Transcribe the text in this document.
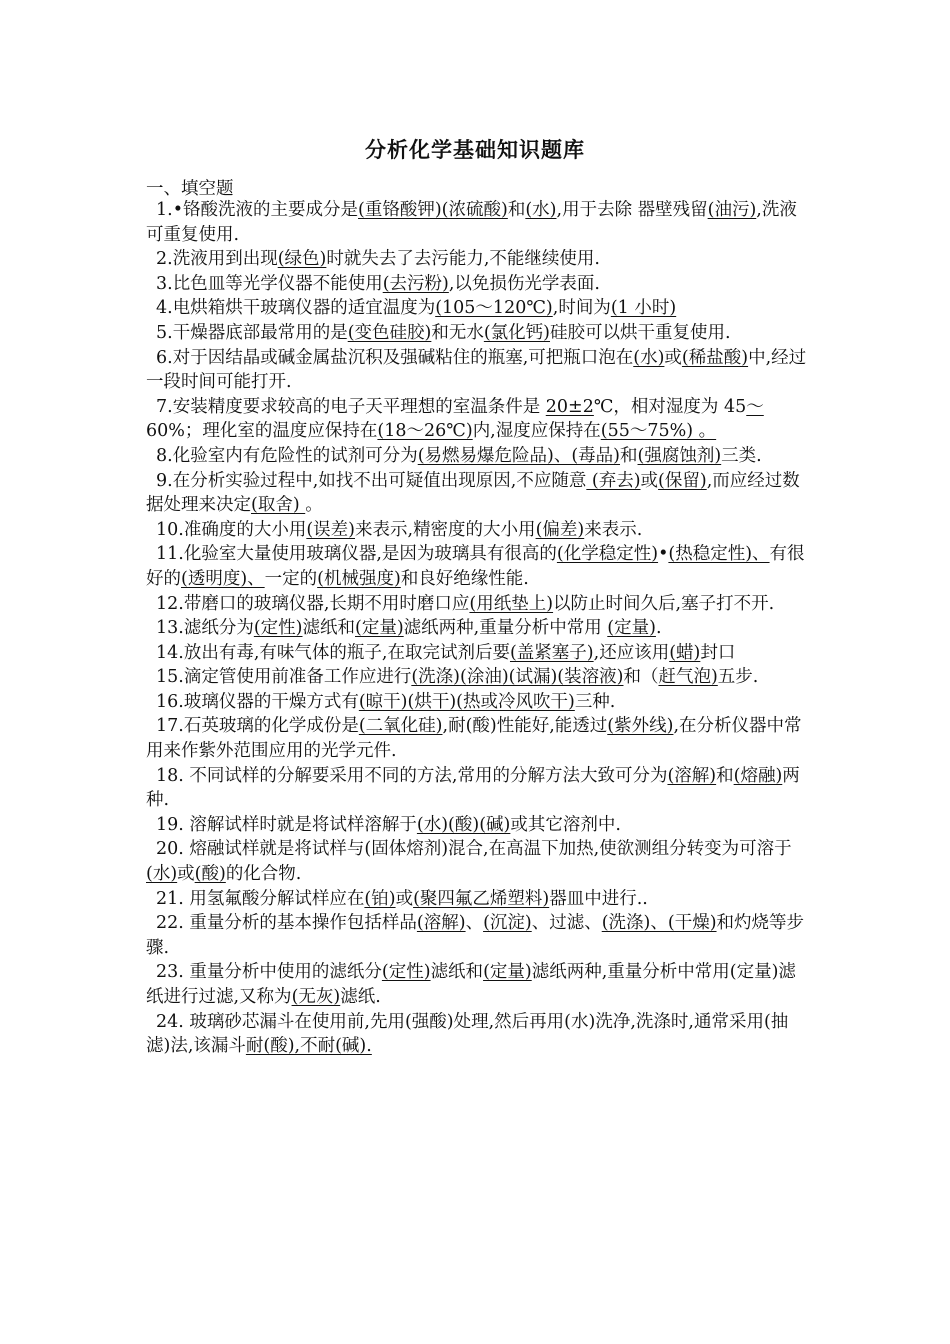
分析化学基础知识题库
一、填空题

1.•铬酸洗液的主要成分是(重铬酸钾)(浓硫酸)和(水),用于去除 器壁残留(油污),洗液可重复使用.

2.洗液用到出现(绿色)时就失去了去污能力,不能继续使用.

3.比色皿等光学仪器不能使用(去污粉),以免损伤光学表面.

4.电烘箱烘干玻璃仪器的适宜温度为(105～120℃),时间为(1 小时)

5.干燥器底部最常用的是(变色硅胶)和无水(氯化钙)硅胶可以烘干重复使用.

6.对于因结晶或碱金属盐沉积及强碱粘住的瓶塞,可把瓶口泡在(水)或(稀盐酸)中,经过一段时间可能打开.

7.安装精度要求较高的电子天平理想的室温条件是 20±2℃，相对湿度为 45～60%；理化室的温度应保持在(18～26℃)内,湿度应保持在(55～75%) 。

8.化验室内有危险性的试剂可分为(易燃易爆危险品)、(毒品)和(强腐蚀剂)三类.

9.在分析实验过程中,如找不出可疑值出现原因,不应随意 (弃去)或(保留),而应经过数据处理来决定(取舍) 。

10.准确度的大小用(误差)来表示,精密度的大小用(偏差)来表示.

11.化验室大量使用玻璃仪器,是因为玻璃具有很高的(化学稳定性)•(热稳定性)、有很好的(透明度)、一定的(机械强度)和良好绝缘性能.

12.带磨口的玻璃仪器,长期不用时磨口应(用纸垫上)以防止时间久后,塞子打不开.

13.滤纸分为(定性)滤纸和(定量)滤纸两种,重量分析中常用 (定量).

14.放出有毒,有味气体的瓶子,在取完试剂后要(盖紧塞子),还应该用(蜡)封口

15.滴定管使用前准备工作应进行(洗涤)(涂油)(试漏)(装溶液)和（赶气泡)五步.

16.玻璃仪器的干燥方式有(晾干)(烘干)(热或冷风吹干)三种.

17.石英玻璃的化学成份是(二氧化硅),耐(酸)性能好,能透过(紫外线),在分析仪器中常用来作紫外范围应用的光学元件.

18. 不同试样的分解要采用不同的方法,常用的分解方法大致可分为(溶解)和(熔融)两种.

19. 溶解试样时就是将试样溶解于(水)(酸)(碱)或其它溶剂中.

20. 熔融试样就是将试样与(固体熔剂)混合,在高温下加热,使欲测组分转变为可溶于(水)或(酸)的化合物.

21. 用氢氟酸分解试样应在(铂)或(聚四氟乙烯塑料)器皿中进行..

22. 重量分析的基本操作包括样品(溶解)、(沉淀)、过滤、(洗涤)、(干燥)和灼烧等步骤.

23. 重量分析中使用的滤纸分(定性)滤纸和(定量)滤纸两种,重量分析中常用(定量)滤纸进行过滤,又称为(无灰)滤纸.

24. 玻璃砂芯漏斗在使用前,先用(强酸)处理,然后再用(水)洗净,洗涤时,通常采用(抽滤)法,该漏斗耐(酸),不耐(碱).
